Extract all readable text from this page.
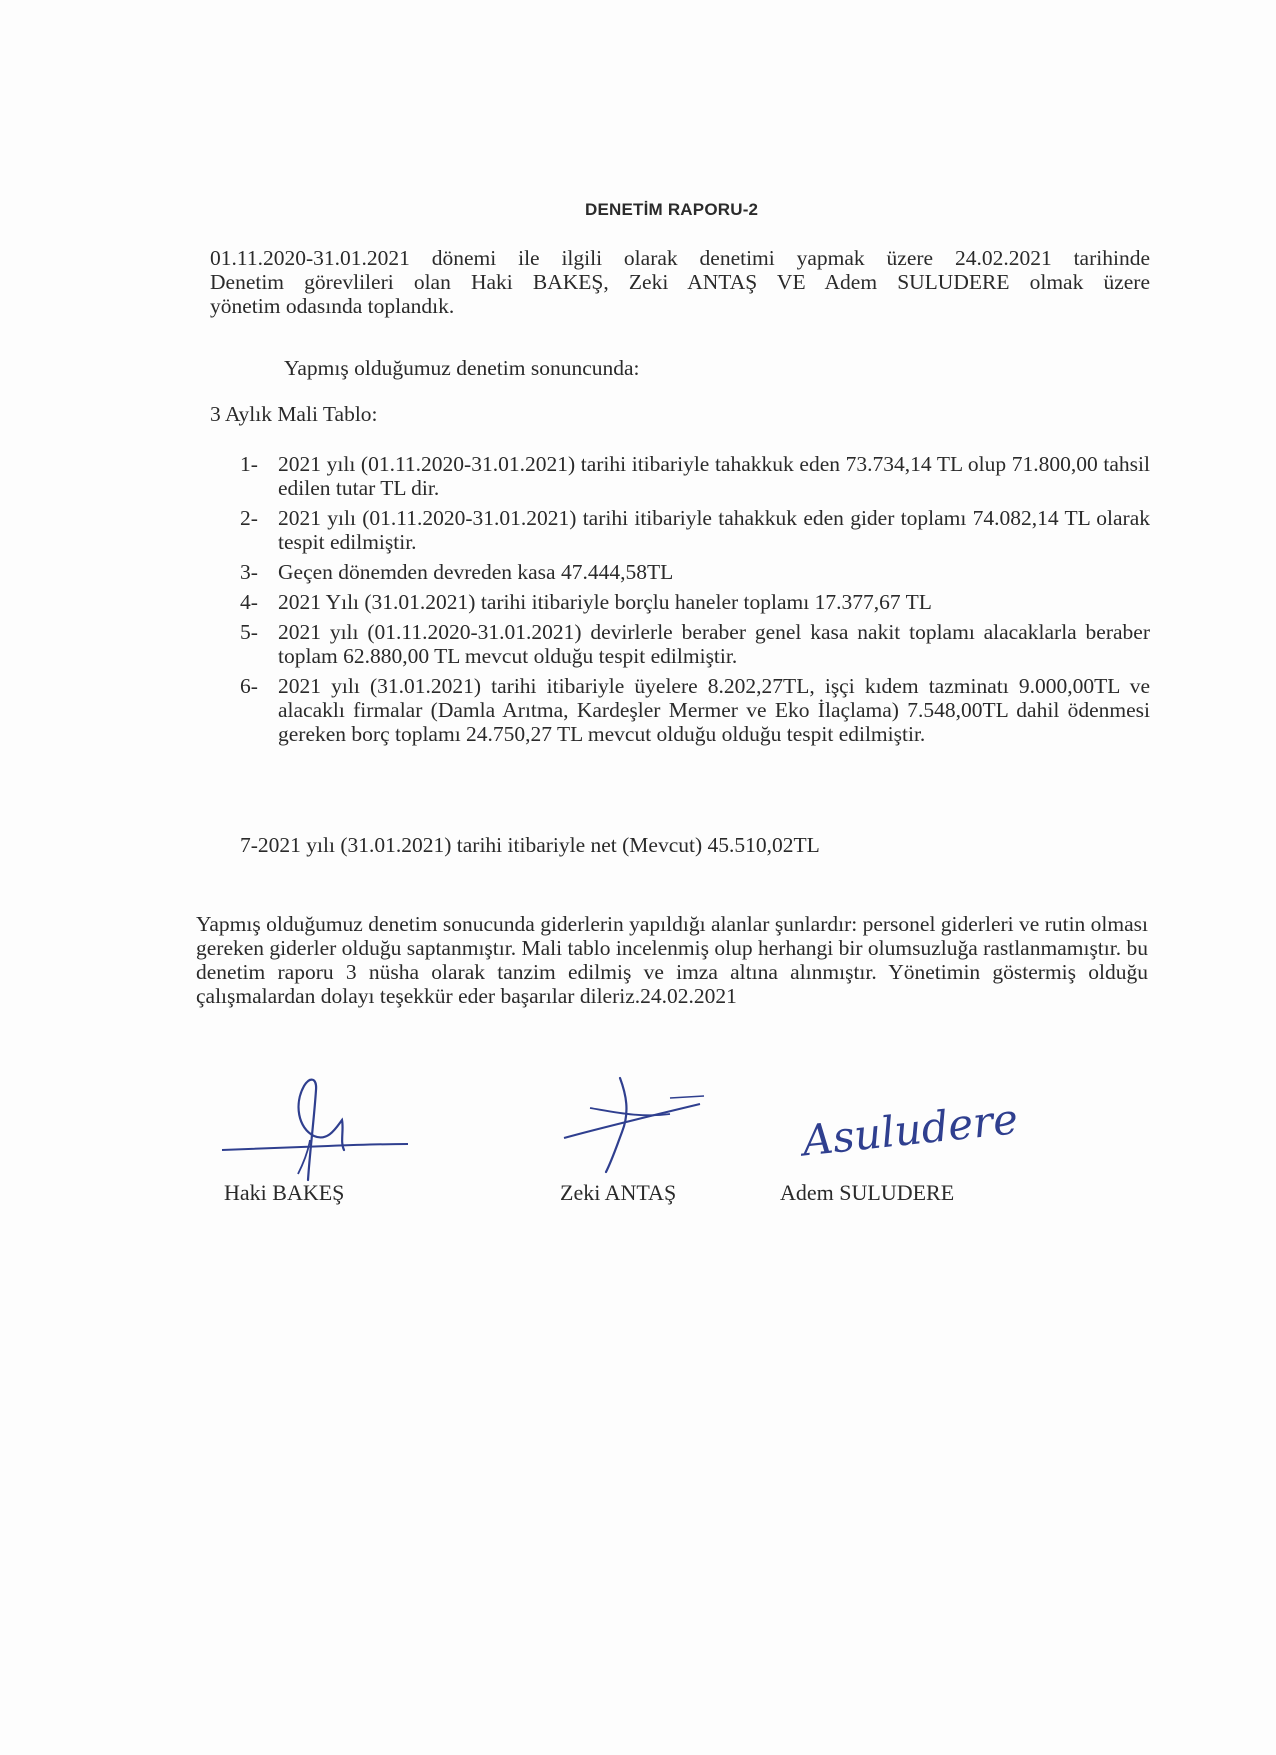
DENETİM RAPORU-2
01.11.2020-31.01.2021 dönemi ile ilgili olarak denetimi yapmak üzere 24.02.2021 tarihinde
Denetim görevlileri olan Haki BAKEŞ, Zeki ANTAŞ VE Adem SULUDERE olmak üzere
yönetim odasında toplandık.
Yapmış olduğumuz denetim sonuncunda:
3 Aylık Mali Tablo:
1- 2021 yılı (01.11.2020-31.01.2021) tarihi itibariyle tahakkuk eden 73.734,14 TL olup 71.800,00 tahsil edilen tutar TL dir.
2- 2021 yılı (01.11.2020-31.01.2021) tarihi itibariyle tahakkuk eden gider toplamı 74.082,14 TL olarak tespit edilmiştir.
3- Geçen dönemden devreden kasa 47.444,58TL
4- 2021 Yılı (31.01.2021) tarihi itibariyle borçlu haneler toplamı 17.377,67 TL
5- 2021 yılı (01.11.2020-31.01.2021) devirlerle beraber genel kasa nakit toplamı alacaklarla beraber toplam 62.880,00 TL mevcut olduğu tespit edilmiştir.
6- 2021 yılı (31.01.2021) tarihi itibariyle üyelere 8.202,27TL, işçi kıdem tazminatı 9.000,00TL ve alacaklı firmalar (Damla Arıtma, Kardeşler Mermer ve Eko İlaçlama) 7.548,00TL dahil ödenmesi gereken borç toplamı 24.750,27 TL mevcut olduğu olduğu tespit edilmiştir.
7-2021 yılı (31.01.2021) tarihi itibariyle net (Mevcut) 45.510,02TL
Yapmış olduğumuz denetim sonucunda giderlerin yapıldığı alanlar şunlardır: personel giderleri ve rutin olması gereken giderler olduğu saptanmıştır. Mali tablo incelenmiş olup herhangi bir olumsuzluğa rastlanmamıştır. bu denetim raporu 3 nüsha olarak tanzim edilmiş ve imza altına alınmıştır. Yönetimin göstermiş olduğu çalışmalardan dolayı teşekkür eder başarılar dileriz.24.02.2021
Asuludere
Haki BAKEŞ	Zeki ANTAŞ	Adem SULUDERE
